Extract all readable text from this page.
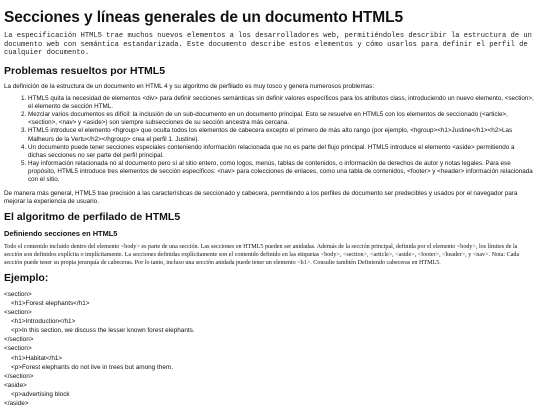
Secciones y líneas generales de un documento HTML5

La especificación HTML5 trae muchos nuevos elementos a los desarrolladores web, permitiéndoles describir la estructura de un documento web con semántica estandarizada. Este documento describe estos elementos y cómo usarlos para definir el perfil de cualquier documento.

Problemas resueltos por HTML5

La definición de la estructura de un documento en HTML 4 y su algoritmo de perfilado es muy tosco y genera numerosos problemas:

1. HTML5 quita la necesidad de elementos <div> para definir secciones semánticas sin definir valores específicos para los atributos class, introduciendo un nuevo elemento, <section>, el elemento de sección HTML.
2. Mezclar varios documentos es difícil: la inclusión de un sub-documento en un documento principal. Esto se resuelve en HTML5 con los elementos de seccionado (<article>, <section>, <nav> y <aside>) son siempre subsecciones de su sección ancestra más cercana.
3. HTML5 introduce el elemento <hgroup> que oculta todos los elementos de cabecera excepto el primero de más alto rango (por ejemplo, <hgroup><h1>Justine</h1><h2>Las Malheurs de la Vertu</h2></hgroup> crea el perfil 1. Justine).
4. Un documento puede tener secciones especiales conteniendo información relacionada que no es parte del flujo principal. HTML5 introduce el elemento <aside> permitiendo a dichas secciones no ser parte del perfil principal.
5. Hay información relacionada no al documento pero sí al sitio entero, como logos, menús, tablas de contenidos, o información de derechos de autor y notas legales. Para ese propósito, HTML5 introduce tres elementos de sección específicos: <nav> para colecciones de enlaces, como una tabla de contenidos, <footer> y <header> información relacionada con el sitio.

De manera más general, HTML5 trae precisión a las características de seccionado y cabecera, permitiendo a los perfiles de documento ser predecibles y usados por el navegador para mejorar la experiencia de usuario.

El algoritmo de perfilado de HTML5
Definiendo secciones en HTML5

Todo el contenido incluido dentro del elemento <body> es parte de una sección. Las secciones en HTML5 pueden ser anidadas. Además de la sección principal, definida por el elemento <body>, los límites de la sección son definidos explícita o implícitamente. La secciones definidas explícitamente son el contenido definido en las etiquetas <body>, <section>, <article>, <aside>, <footer>, <header>, y <nav>. Nota: Cada sección puede tener su propia jerarquía de cabeceras. Por lo tanto, incluso una sección anidada puede tener un elemento <h1>. Consulte también Definiendo cabeceras en HTML5.

Ejemplo:
<section>
<h1>Forest elephants</h1>
<section>
<h1>Introduction</h1>
<p>In this section, we discuss the lesser known forest elephants.
</section>
<section>
<h1>Habitat</h1>
<p>Forest elephants do not live in trees but among them.
</section>
<aside>
<p>advertising block
</aside>
